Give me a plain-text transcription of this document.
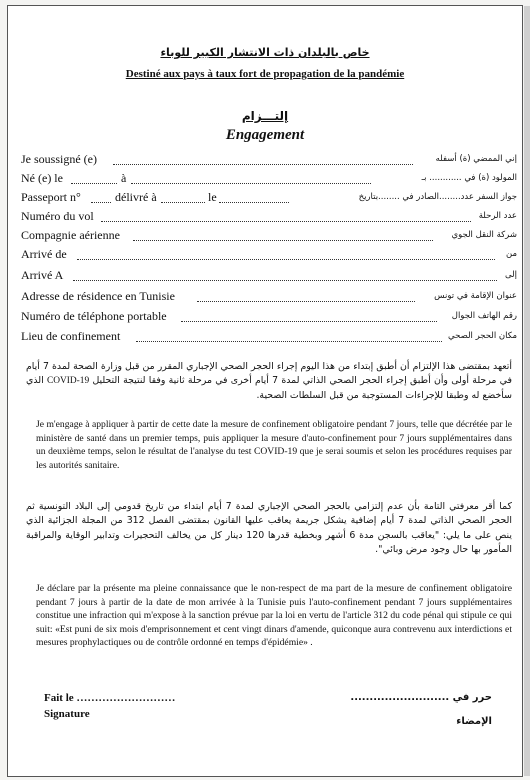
خاص بالبلدان ذات الانتشار الكبير للوباء
Destiné aux pays à taux fort de propagation de la pandémie
إلتـــزام
Engagement
Je soussigné (e)	إني الممضي (ة) أسفله
Né (e) le	à	المولود (ة) في ............ بـ
Passeport n°	délivré à	le	جواز السفر عدد........الصادر في ........بتاريخ
Numéro du vol	عدد الرحلة
Compagnie aérienne	شركة النقل الجوي
Arrivé de	من
Arrivé A	إلى
Adresse de résidence en Tunisie	عنوان الإقامة في تونس
Numéro de téléphone portable	رقم الهاتف الجوال
Lieu de confinement	مكان الحجر الصحي
أتعهد بمقتضى هذا الإلتزام أن أطبق إبتداء من هذا اليوم إجراء الحجر الصحي الإجباري المقرر من قبل وزارة الصحة لمدة 7 أيام في مرحلة أولى وأن أطبق إجراء الحجر الصحي الذاتي لمدة 7 أيام أخرى في مرحلة ثانية وفقا لنتيجة التحليل COVID-19 الذي سأخضع له وطبقا للإجراءات المستوجبة من قبل السلطات الصحية.
Je m'engage à appliquer à partir de cette date la mesure de confinement obligatoire pendant 7 jours, telle que décrétée par le ministère de santé dans un premier temps, puis appliquer la mesure d'auto-confinement pour 7 jours supplémentaires dans un deuxième temps, selon le résultat de l'analyse du test COVID-19 que je serai soumis et selon les procédures requises par les autorités sanitaire.
كما أقر معرفتي التامة بأن عدم إلتزامي بالحجر الصحي الإجباري لمدة 7 أيام ابتداء من تاريخ قدومي إلى البلاد التونسية ثم الحجر الصحي الذاتي لمدة 7 أيام إضافية يشكل جريمة يعاقب عليها القانون بمقتضى الفصل 312 من المجلة الجزائية الذي ينص على ما يلي: "يعاقب بالسجن مدة 6 أشهر وبخطية قدرها 120 دينار كل من يخالف التحجيرات وتدابير الوقاية والمراقبة المأمور بها حال وجود مرض وبائي".
Je déclare par la présente ma pleine connaissance que le non-respect de ma part de la mesure de confinement obligatoire pendant 7 jours à partir de la date de mon arrivée à la Tunisie puis l'auto-confinement pendant 7 jours supplémentaires constitue une infraction qui m'expose à la sanction prévue par la loi en vertu de l'article 312 du code pénal qui stipule ce qui suit: «Est puni de six mois d'emprisonnement et cent vingt dinars d'amende, quiconque aura contrevenu aux interdictions et mesures prophylactiques ou de contrôle ordonné en temps d'épidémie» .
Fait le ………………………
Signature
حرر في ..........................
الإمضاء
